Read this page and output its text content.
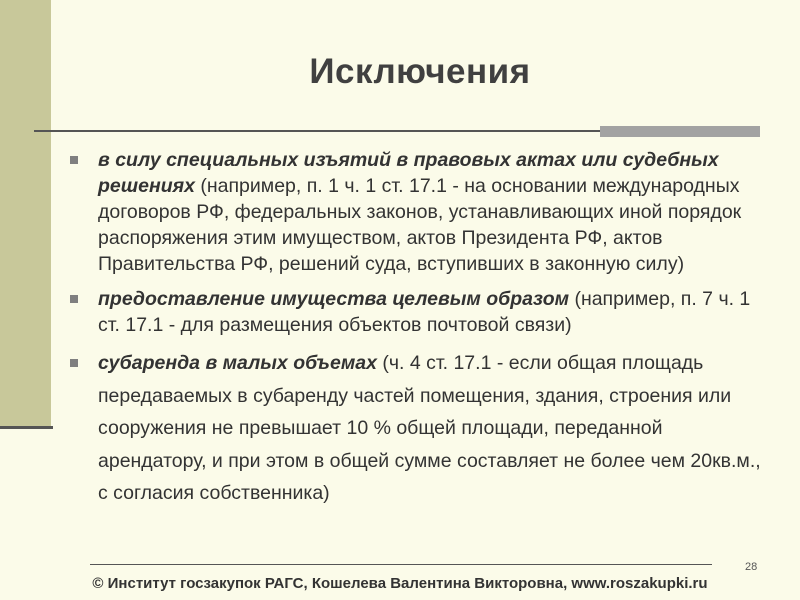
Исключения
в силу специальных изъятий в правовых актах или судебных решениях (например, п. 1 ч. 1 ст. 17.1 - на основании международных договоров РФ, федеральных законов, устанавливающих иной порядок распоряжения этим имуществом, актов Президента РФ, актов Правительства РФ, решений суда, вступивших в законную силу)
предоставление имущества целевым образом (например, п. 7 ч. 1 ст. 17.1 - для размещения объектов почтовой связи)
субаренда в малых объемах (ч. 4 ст. 17.1 - если общая площадь передаваемых в субаренду частей помещения, здания, строения или сооружения не превышает 10 % общей площади, переданной арендатору, и при этом в общей сумме составляет не более чем 20кв.м., с согласия собственника)
28
© Институт госзакупок РАГС, Кошелева Валентина Викторовна, www.roszakupki.ru
